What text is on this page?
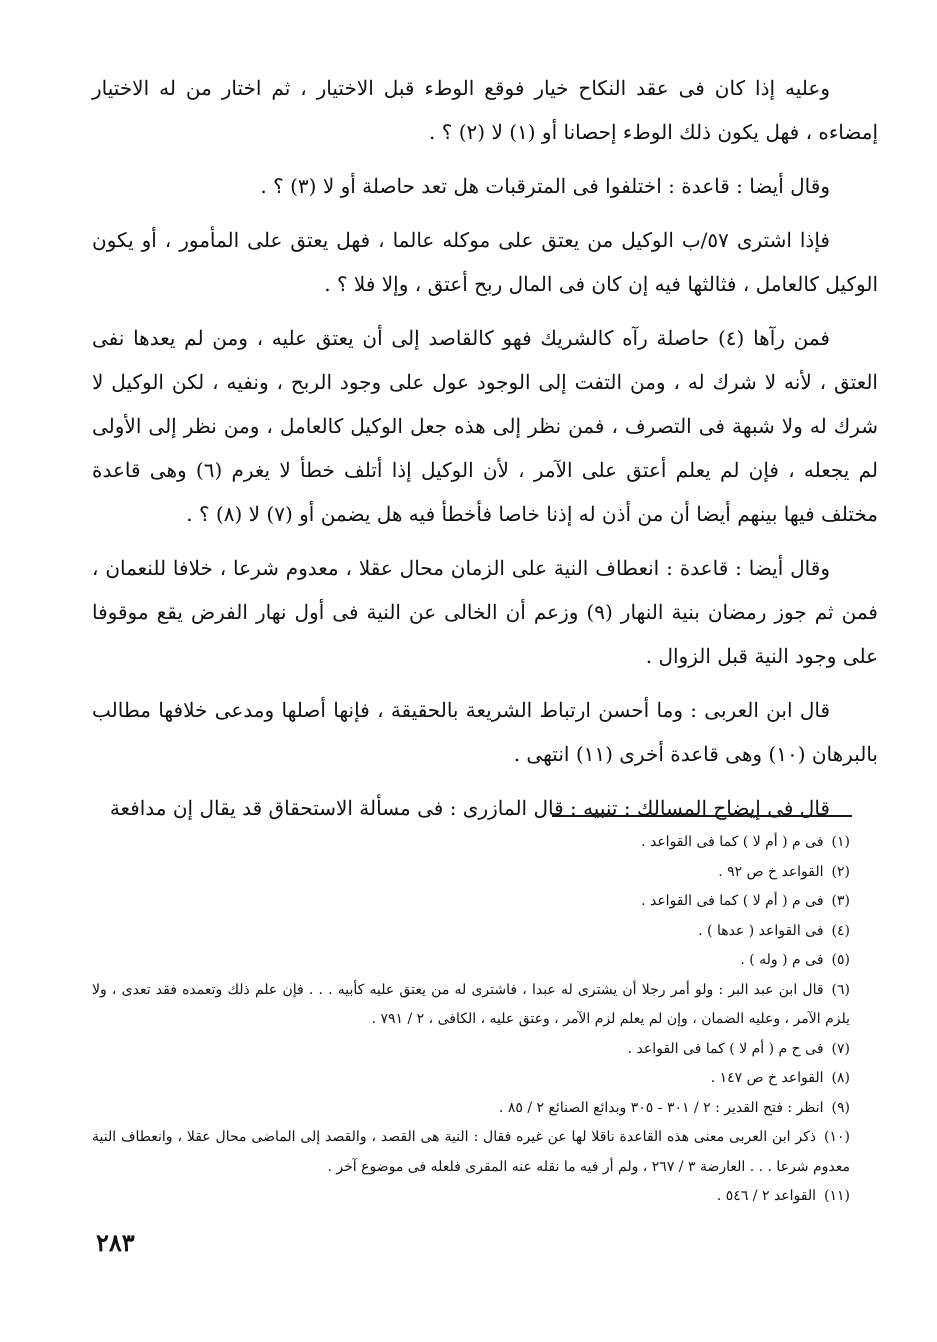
وعليه إذا كان فى عقد النكاح خيار فوقع الوطء قبل الاختيار ، ثم اختار من له الاختيار إمضاءه ، فهل يكون ذلك الوطء إحصانا أو (١) لا (٢) ؟ .

وقال أيضا : قاعدة : اختلفوا فى المترقبات هل تعد حاصلة أو لا (٣) ؟ .

فإذا اشترى ٥٧/ب الوكيل من يعتق على موكله عالما ، فهل يعتق على المأمور ، أو يكون الوكيل كالعامل ، فثالثها فيه إن كان فى المال ربح أعتق ، وإلا فلا ؟ .

فمن رآها (٤) حاصلة رآه كالشريك فهو كالقاصد إلى أن يعتق عليه ، ومن لم يعدها نفى العتق ، لأنه لا شرك له ، ومن التفت إلى الوجود عول على وجود الربح ، ونفيه ، لكن الوكيل لا شرك له ولا شبهة فى التصرف ، فمن نظر إلى هذه جعل الوكيل كالعامل ، ومن نظر إلى الأولى لم يجعله ، فإن لم يعلم أعتق على الآمر ، لأن الوكيل إذا أتلف خطأ لا يغرم (٦) وهى قاعدة مختلف فيها بينهم أيضا أن من أذن له إذنا خاصا فأخطأ فيه هل يضمن أو (٧) لا (٨) ؟ .

وقال أيضا : قاعدة : انعطاف النية على الزمان محال عقلا ، معدوم شرعا ، خلافا للنعمان ، فمن ثم جوز رمضان بنية النهار (٩) وزعم أن الخالى عن النية فى أول نهار الفرض يقع موقوفا على وجود النية قبل الزوال .

قال ابن العربى : وما أحسن ارتباط الشريعة بالحقيقة ، فإنها أصلها ومدعى خلافها مطالب بالبرهان (١٠) وهى قاعدة أخرى (١١) انتهى .

قال فى إيضاح المسالك : تنبيه : قال المازرى : فى مسألة الاستحقاق قد يقال إن مدافعة

(١)فى م ( أم لا ) كما فى القواعد .

(٢)القواعد خ ص ٩٢ .

(٣)فى م ( أم لا ) كما فى القواعد .

(٤)فى القواعد ( عدها ) .

(٥)فى م ( وله ) .

(٦)قال ابن عبد البر : ولو أمر رجلا أن يشترى له عبدا ، فاشترى له من يعتق عليه كأبيه . . . فإن علم ذلك وتعمده فقد تعدى ، ولا يلزم الآمر ، وعليه الضمان ، وإن لم يعلم لزم الآمر ، وعتق عليه ، الكافى ، ٢ / ٧٩١ .

(٧)فى ح م ( أم لا ) كما فى القواعد .

(٨)القواعد خ ص ١٤٧ .

(٩)انظر : فتح القدير : ٢ / ٣٠١ - ٣٠٥ وبدائع الصنائع ٢ / ٨٥ .

(١٠)ذكر ابن العربى معنى هذه القاعدة ناقلا لها عن غيره فقال : النية هى القصد ، والقصد إلى الماضى محال عقلا ، وانعطاف النية معدوم شرعا . . . العارضة ٣ / ٢٦٧ ، ولم أر فيه ما نقله عنه المقرى فلعله فى موضوع آخر .

(١١)القواعد ٢ / ٥٤٦ .

٢٨٣
